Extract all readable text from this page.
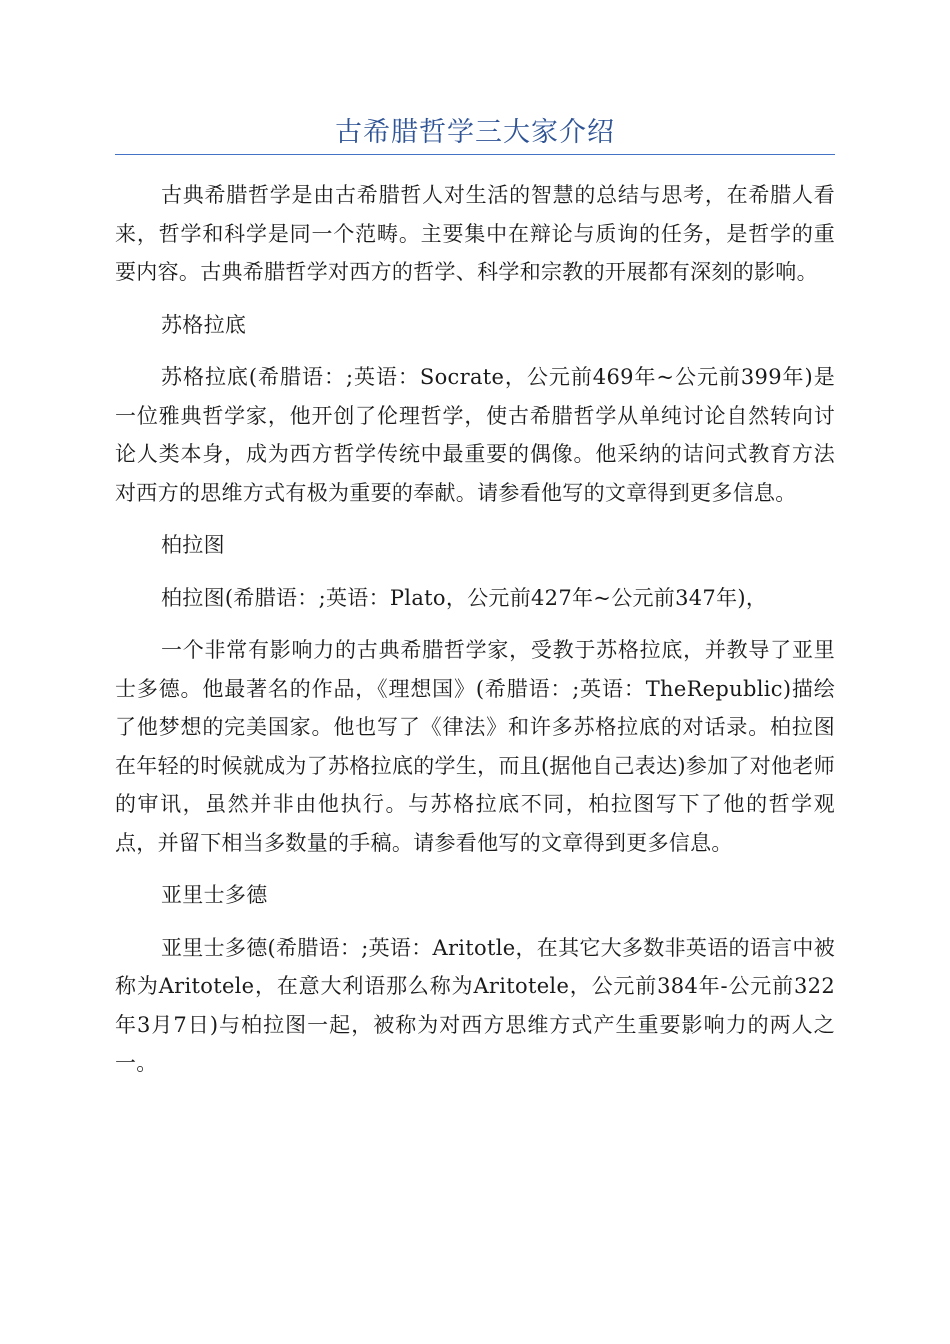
古希腊哲学三大家介绍

古典希腊哲学是由古希腊哲人对生活的智慧的总结与思考，在希腊人看来，哲学和科学是同一个范畴。主要集中在辩论与质询的任务，是哲学的重要内容。古典希腊哲学对西方的哲学、科学和宗教的开展都有深刻的影响。

苏格拉底

苏格拉底(希腊语：;英语：Socrate，公元前469年~公元前399年)是一位雅典哲学家，他开创了伦理哲学，使古希腊哲学从单纯讨论自然转向讨论人类本身，成为西方哲学传统中最重要的偶像。他采纳的诘问式教育方法对西方的思维方式有极为重要的奉献。请参看他写的文章得到更多信息。

柏拉图

柏拉图(希腊语：;英语：Plato，公元前427年~公元前347年)，

一个非常有影响力的古典希腊哲学家，受教于苏格拉底，并教导了亚里士多德。他最著名的作品，《理想国》(希腊语：;英语：TheRepublic)描绘了他梦想的完美国家。他也写了《律法》和许多苏格拉底的对话录。柏拉图在年轻的时候就成为了苏格拉底的学生，而且(据他自己表达)参加了对他老师的审讯，虽然并非由他执行。与苏格拉底不同，柏拉图写下了他的哲学观点，并留下相当多数量的手稿。请参看他写的文章得到更多信息。

亚里士多德

亚里士多德(希腊语：;英语：Aritotle，在其它大多数非英语的语言中被称为Aritotele，在意大利语那么称为Aritotele，公元前384年-公元前322年3月7日)与柏拉图一起，被称为对西方思维方式产生重要影响力的两人之一。
